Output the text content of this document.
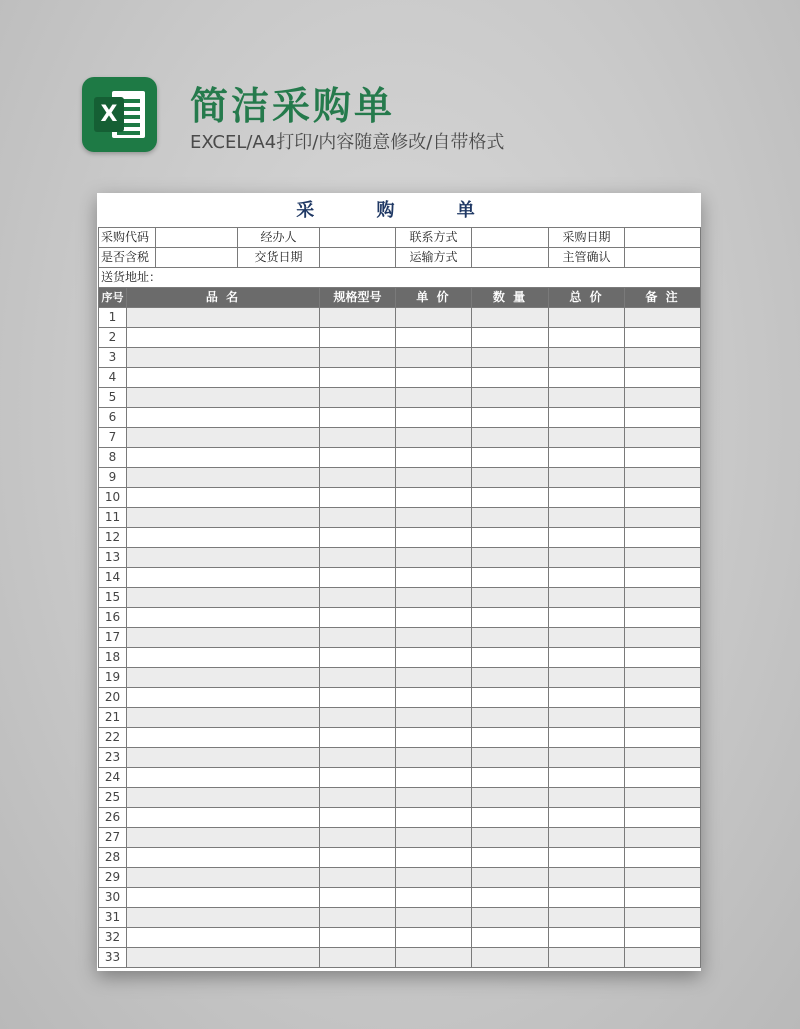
X 简洁采购单
EXCEL/A4打印/内容随意修改/自带格式
采 购 单								
采购代码			经办人		联系方式		采购日期	
是否含税			交货日期		运输方式		主管确认	
送货地址：								
序号	品 名			规格型号	单 价	数 量	总 价	备 注
1								
2								
3								
4								
5								
6								
7								
8								
9								
10								
11								
12								
13								
14								
15								
16								
17								
18								
19								
20								
21								
22								
23								
24								
25								
26								
27								
28								
29								
30								
31								
32								
33								
